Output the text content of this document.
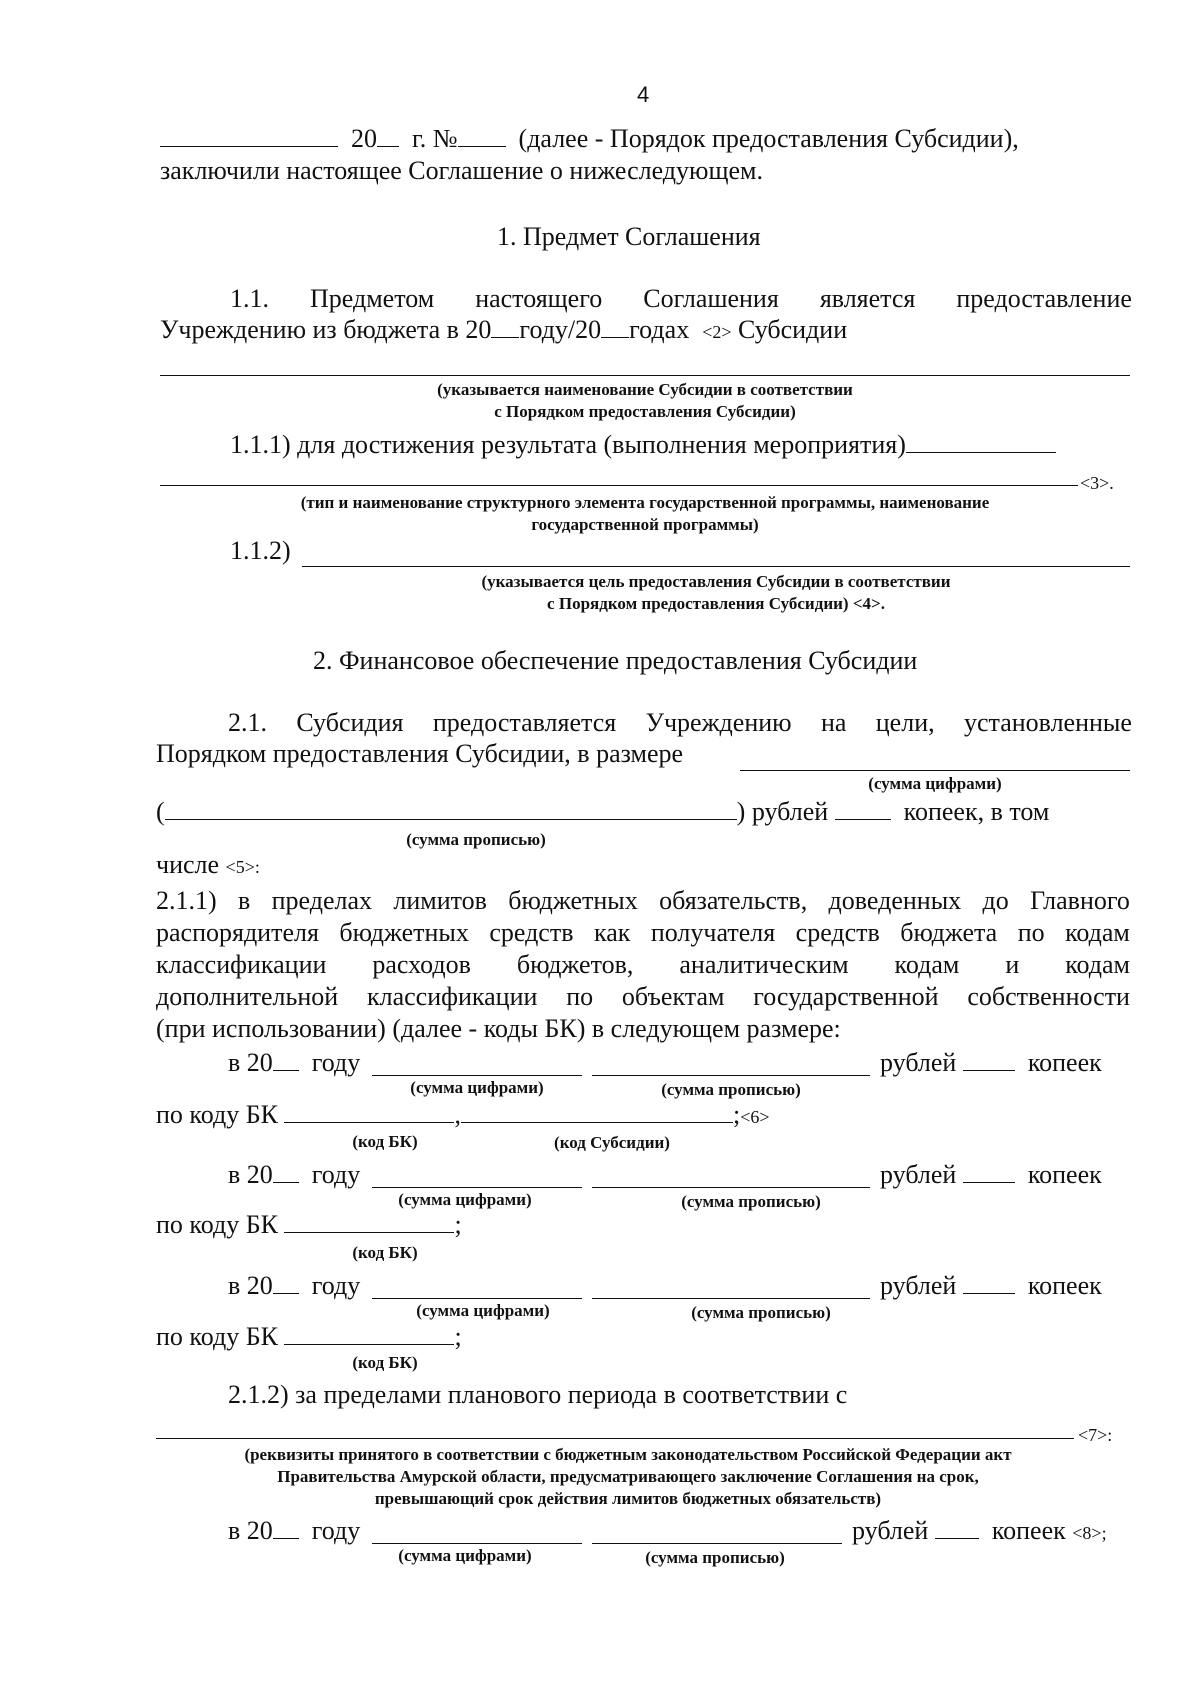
4
20 г. № (далее - Порядок предоставления Субсидии),
заключили настоящее Соглашение о нижеследующем.
1. Предмет Соглашения
1.1. Предметом настоящего Соглашения является предоставление
Учреждению из бюджета в 20 году/20 годах <2> Субсидии
(указывается наименование Субсидии в соответствии
с Порядком предоставления Субсидии)
1.1.1) для достижения результата (выполнения мероприятия)
<3>.
(тип и наименование структурного элемента государственной программы, наименование
государственной программы)
1.1.2)
(указывается цель предоставления Субсидии в соответствии
с Порядком предоставления Субсидии) <4>.
2. Финансовое обеспечение предоставления Субсидии
2.1. Субсидия предоставляется Учреждению на цели, установленные
Порядком предоставления Субсидии, в размере
(сумма цифрами)
(	) рублей	копеек, в том
(сумма прописью)
числе <5>:
2.1.1) в пределах лимитов бюджетных обязательств, доведенных до Главного
распорядителя бюджетных средств как получателя средств бюджета по кодам
классификации расходов бюджетов, аналитическим кодам и кодам
дополнительной классификации по объектам государственной собственности
(при использовании) (далее - коды БК) в следующем размере:
в 20 году	рублей	копеек
(сумма цифрами)	(сумма прописью)
по коду БК	,	;<6>
(код БК)	(код Субсидии)
в 20 году	рублей	копеек
(сумма цифрами)	(сумма прописью)
по коду БК	;
(код БК)
в 20 году	рублей	копеек
(сумма цифрами)	(сумма прописью)
по коду БК	;
(код БК)
2.1.2) за пределами планового периода в соответствии с
<7>:
(реквизиты принятого в соответствии с бюджетным законодательством Российской Федерации акт
Правительства Амурской области, предусматривающего заключение Соглашения на срок,
превышающий срок действия лимитов бюджетных обязательств)
в 20 году	рублей копеек <8>;
(сумма цифрами)	(сумма прописью)
